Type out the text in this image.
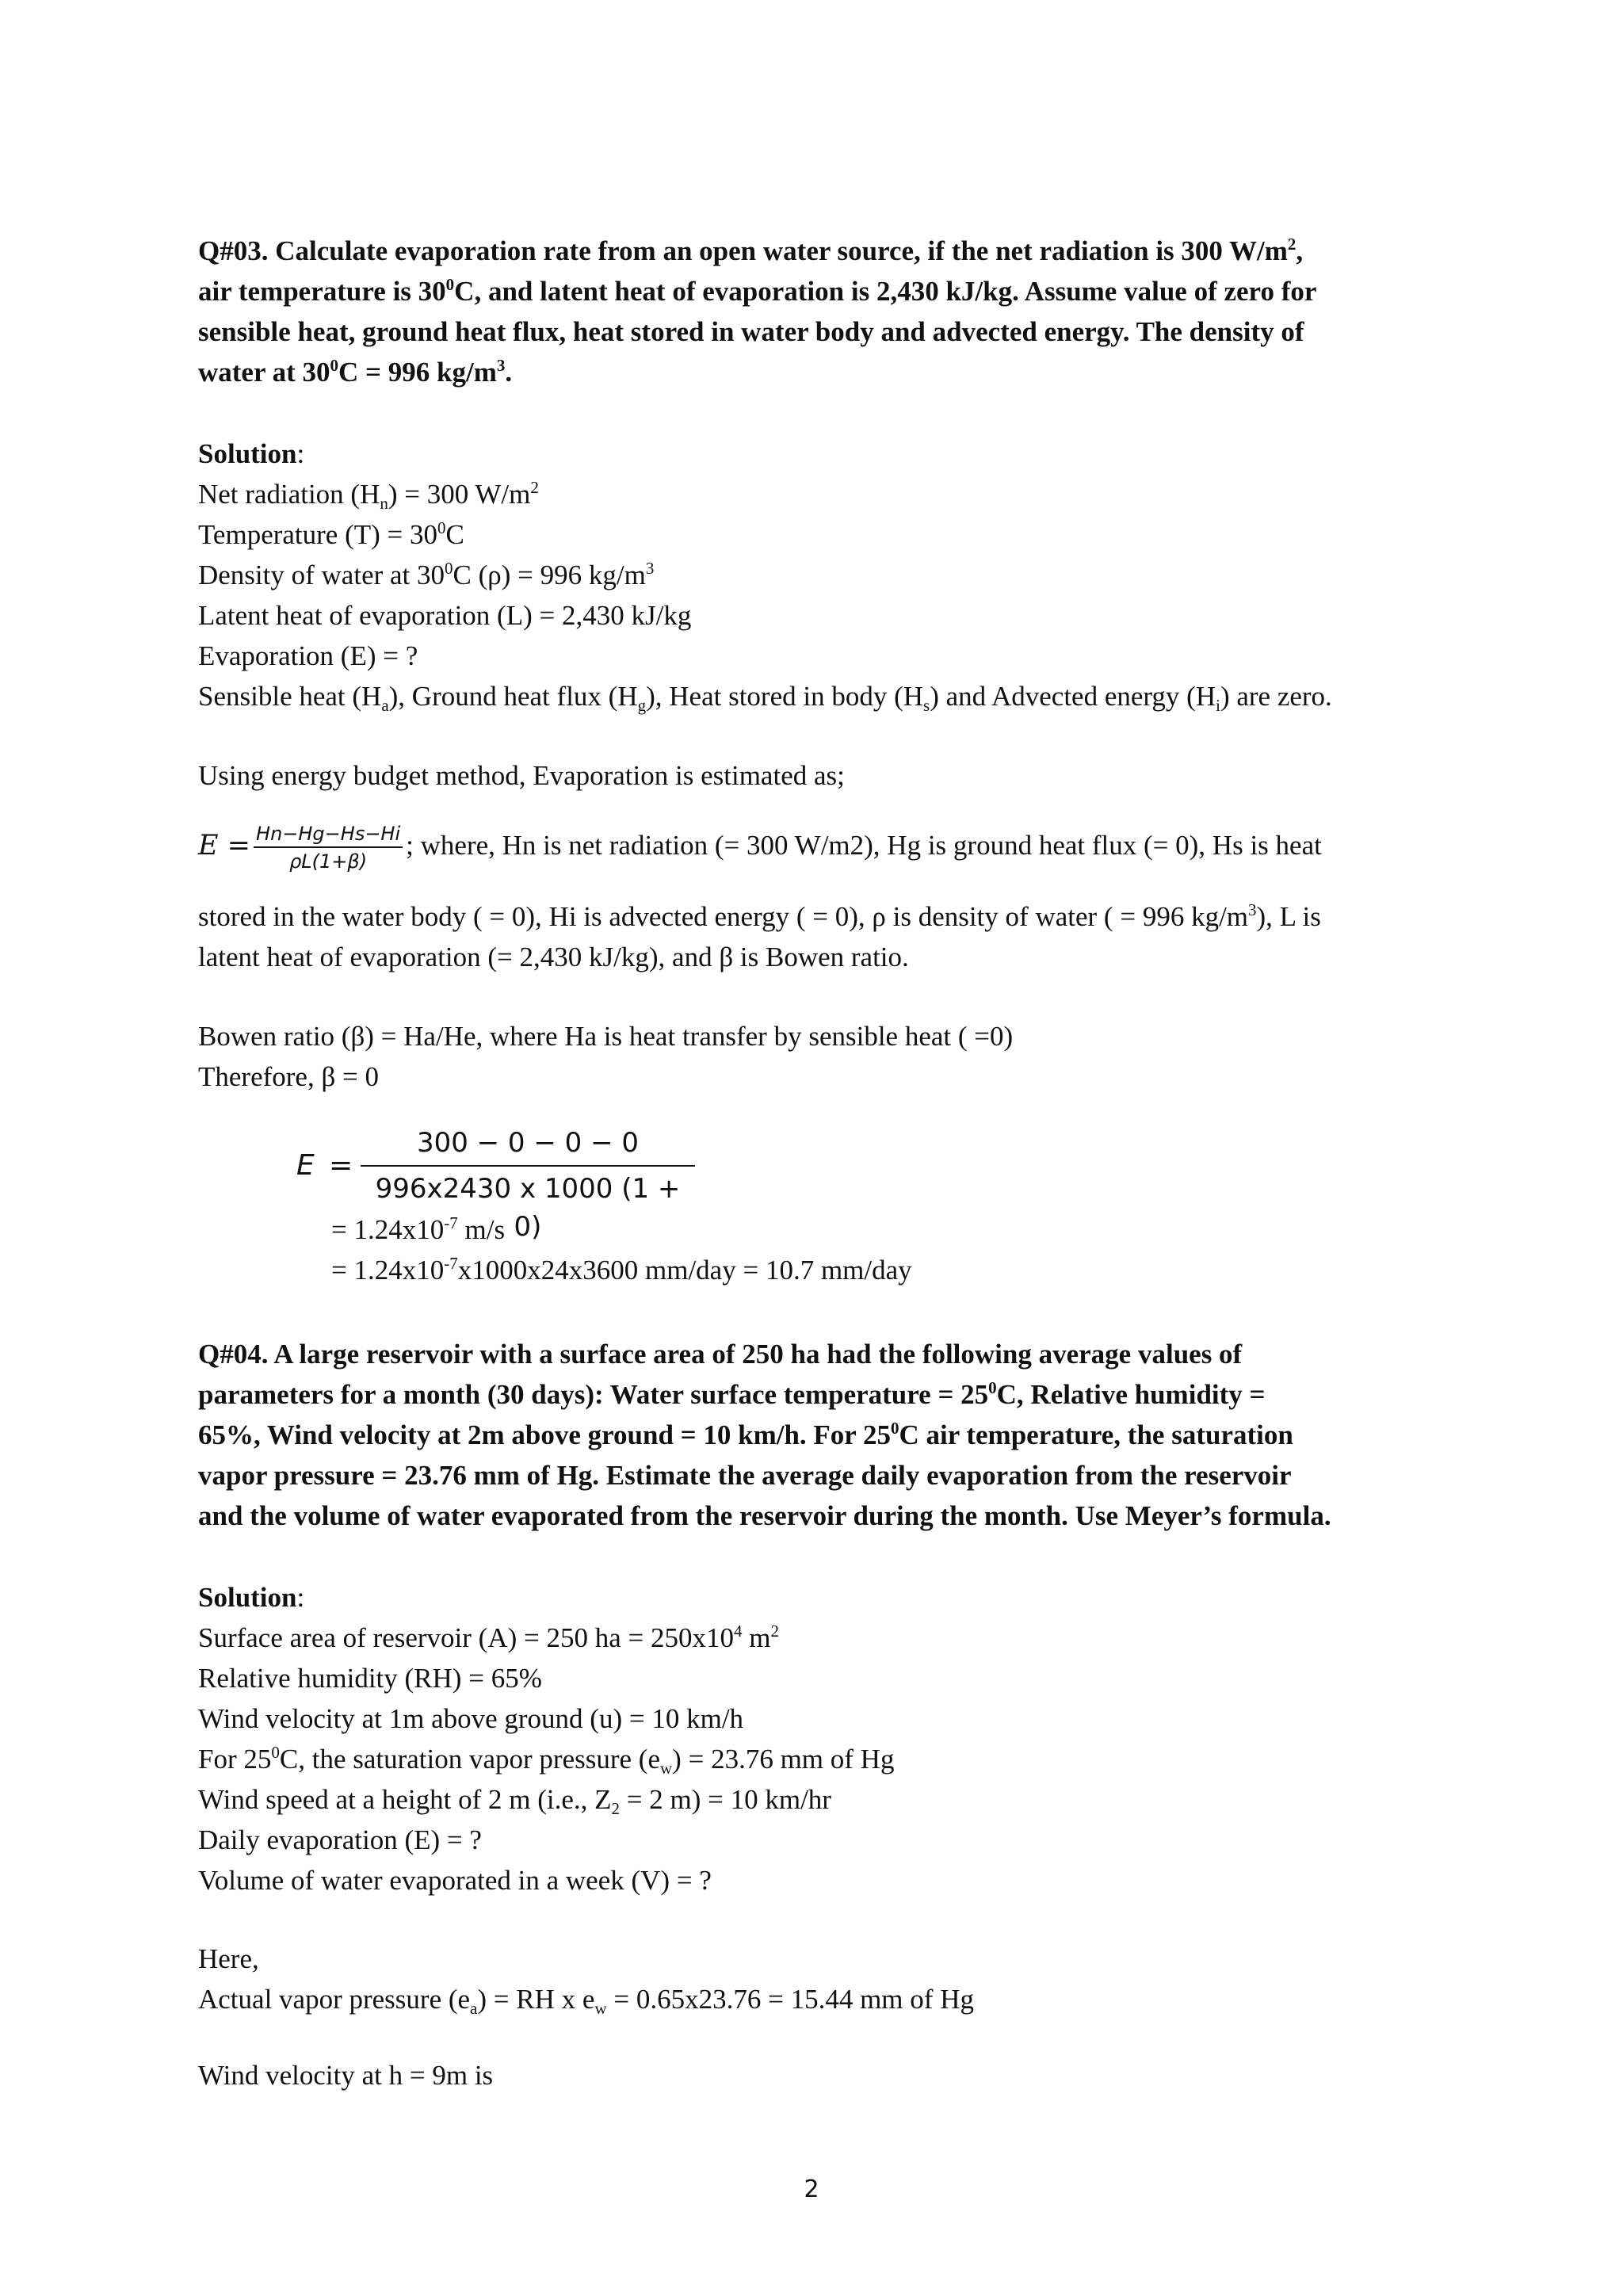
Q#03. Calculate evaporation rate from an open water source, if the net radiation is 300 $W/m^2$,
air temperature is $30^0C$, and latent heat of evaporation is 2,430 kJ/kg. Assume value of zero for
sensible heat, ground heat flux, heat stored in water body and advected energy. The density of
water at $30^0C = 996$ $kg/m^3$.
Solution:
Net radiation $(H_n) = 300$ $W/m^2$
Temperature $(T) = 30^0C$
Density of water at $30^0C$ (ρ) = 996 $kg/m^3$
Latent heat of evaporation (L) = 2,430 kJ/kg
Evaporation (E) = ?
Sensible heat $(H_a)$, Ground heat flux $(H_g)$, Heat stored in body $(H_s)$ and Advected energy $(H_i)$ are zero.
Using energy budget method, Evaporation is estimated as;
$E = \frac{Hn-Hg-Hs-Hi}{\rho L(1+\beta)}$ ; where, Hn is net radiation (= 300 W/m2), Hg is ground heat flux (= 0), Hs is heat
stored in the water body ( = 0), Hi is advected energy ( = 0), ρ is density of water ( = 996 $kg/m^3$), L is
latent heat of evaporation (= 2,430 kJ/kg), and β is Bowen ratio.
Bowen ratio (β) = Ha/He, where Ha is heat transfer by sensible heat ( =0)
Therefore, β = 0
E =
300 − 0 − 0 − 0
996x2430 x 1000 (1 + 0)
= $1.24x10^{-7}$ m/s
= $1.24x10^{-7}x1000x24x3600$ mm/day = 10.7 mm/day
Q#04. A large reservoir with a surface area of 250 ha had the following average values of
parameters for a month (30 days): Water surface temperature = $25^0C$, Relative humidity =
65%, Wind velocity at 2m above ground = 10 km/h. For $25^0C$ air temperature, the saturation
vapor pressure = 23.76 mm of Hg. Estimate the average daily evaporation from the reservoir
and the volume of water evaporated from the reservoir during the month. Use Meyer’s formula.
Solution:
Surface area of reservoir (A) = 250 ha = $250x10^4$ $m^2$
Relative humidity (RH) = 65%
Wind velocity at 1m above ground (u) = 10 km/h
For $25^0C$, the saturation vapor pressure $(e_w) = 23.76$ mm of Hg
Wind speed at a height of 2 m (i.e., $Z_2 = 2$ m) = 10 km/hr
Daily evaporation (E) = ?
Volume of water evaporated in a week (V) = ?
Here,
Actual vapor pressure $(e_a)$ = RH x $e_w = 0.65x23.76 = 15.44$ mm of Hg
Wind velocity at h = 9m is
2
